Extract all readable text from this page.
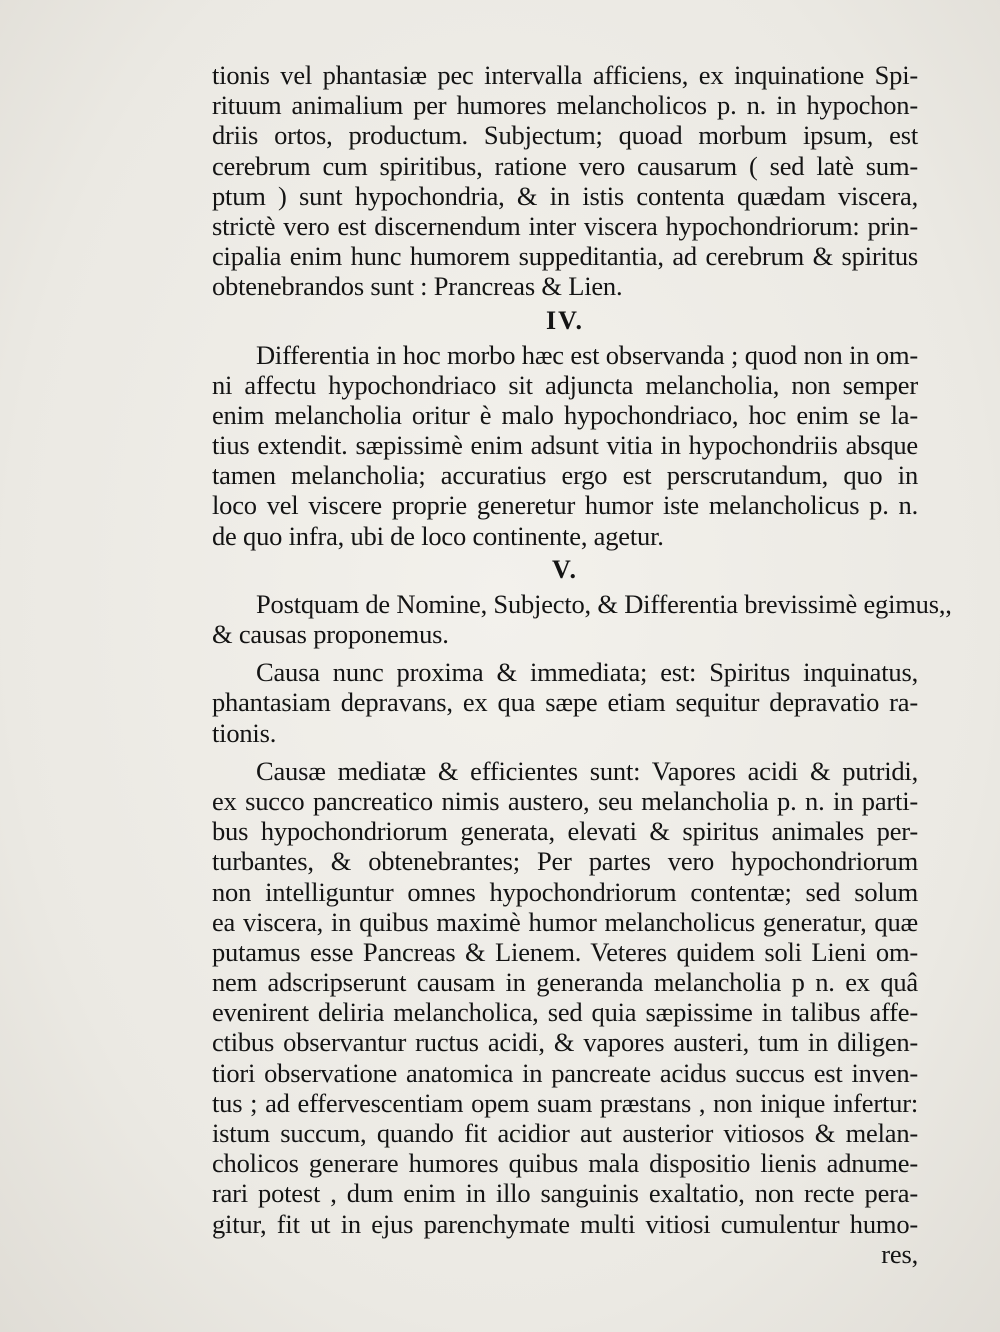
tionis vel phantasiæ pec intervalla afficiens, ex inquinatione Spi-
rituum animalium per humores melancholicos p. n. in hypochon-
driis ortos, productum. Subjectum; quoad morbum ipsum, est
cerebrum cum spiritibus, ratione vero causarum ( sed latè sum-
ptum ) sunt hypochondria, & in istis contenta quædam viscera,
strictè vero est discernendum inter viscera hypochondriorum: prin-
cipalia enim hunc humorem suppeditantia, ad cerebrum & spiritus
obtenebrandos sunt : Prancreas & Lien.
IV.
Differentia in hoc morbo hæc est observanda ; quod non in om-
ni affectu hypochondriaco sit adjuncta melancholia, non semper
enim melancholia oritur è malo hypochondriaco, hoc enim se la-
tius extendit. sæpissimè enim adsunt vitia in hypochondriis absque
tamen melancholia; accuratius ergo est perscrutandum, quo in
loco vel viscere proprie generetur humor iste melancholicus p. n.
de quo infra, ubi de loco continente, agetur.
V.
Postquam de Nomine, Subjecto, & Differentia brevissimè egimus,,
& causas proponemus.
Causa nunc proxima & immediata; est: Spiritus inquinatus,
phantasiam depravans, ex qua sæpe etiam sequitur depravatio ra-
tionis.
Causæ mediatæ & efficientes sunt: Vapores acidi & putridi,
ex succo pancreatico nimis austero, seu melancholia p. n. in parti-
bus hypochondriorum generata, elevati & spiritus animales per-
turbantes, & obtenebrantes; Per partes vero hypochondriorum
non intelliguntur omnes hypochondriorum contentæ; sed solum
ea viscera, in quibus maximè humor melancholicus generatur, quæ
putamus esse Pancreas & Lienem. Veteres quidem soli Lieni om-
nem adscripserunt causam in generanda melancholia p n. ex quâ
evenirent deliria melancholica, sed quia sæpissime in talibus affe-
ctibus observantur ructus acidi, & vapores austeri, tum in diligen-
tiori observatione anatomica in pancreate acidus succus est inven-
tus ; ad effervescentiam opem suam præstans , non inique infertur:
istum succum, quando fit acidior aut austerior vitiosos & melan-
cholicos generare humores quibus mala dispositio lienis adnume-
rari potest , dum enim in illo sanguinis exaltatio, non recte pera-
gitur, fit ut in ejus parenchymate multi vitiosi cumulentur humo-
res,
